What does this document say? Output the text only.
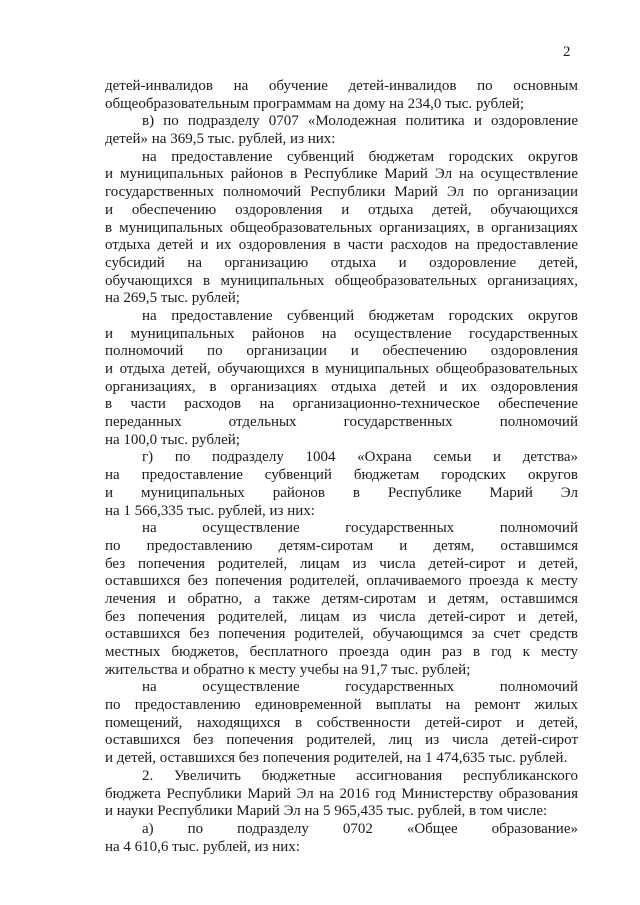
2
детей-инвалидов на обучение детей-инвалидов по основным
общеобразовательным программам на дому на 234,0 тыс. рублей;
в) по подразделу 0707 «Молодежная политика и оздоровление
детей» на 369,5 тыс. рублей, из них:
на предоставление субвенций бюджетам городских округов
и муниципальных районов в Республике Марий Эл на осуществление
государственных полномочий Республики Марий Эл по организации
и обеспечению оздоровления и отдыха детей, обучающихся
в муниципальных общеобразовательных организациях, в организациях
отдыха детей и их оздоровления в части расходов на предоставление
субсидий на организацию отдыха и оздоровление детей,
обучающихся в муниципальных общеобразовательных организациях,
на 269,5 тыс. рублей;
на предоставление субвенций бюджетам городских округов
и муниципальных районов на осуществление государственных
полномочий по организации и обеспечению оздоровления
и отдыха детей, обучающихся в муниципальных общеобразовательных
организациях, в организациях отдыха детей и их оздоровления
в части расходов на организационно-техническое обеспечение
переданных отдельных государственных полномочий
на 100,0 тыс. рублей;
г) по подразделу 1004 «Охрана семьи и детства»
на предоставление субвенций бюджетам городских округов
и муниципальных районов в Республике Марий Эл
на 1 566,335 тыс. рублей, из них:
на осуществление государственных полномочий
по предоставлению детям-сиротам и детям, оставшимся
без попечения родителей, лицам из числа детей-сирот и детей,
оставшихся без попечения родителей, оплачиваемого проезда к месту
лечения и обратно, а также детям-сиротам и детям, оставшимся
без попечения родителей, лицам из числа детей-сирот и детей,
оставшихся без попечения родителей, обучающимся за счет средств
местных бюджетов, бесплатного проезда один раз в год к месту
жительства и обратно к месту учебы на 91,7 тыс. рублей;
на осуществление государственных полномочий
по предоставлению единовременной выплаты на ремонт жилых
помещений, находящихся в собственности детей-сирот и детей,
оставшихся без попечения родителей, лиц из числа детей-сирот
и детей, оставшихся без попечения родителей, на 1 474,635 тыс. рублей.
2. Увеличить бюджетные ассигнования республиканского
бюджета Республики Марий Эл на 2016 год Министерству образования
и науки Республики Марий Эл на 5 965,435 тыс. рублей, в том числе:
а) по подразделу 0702 «Общее образование»
на 4 610,6 тыс. рублей, из них:
